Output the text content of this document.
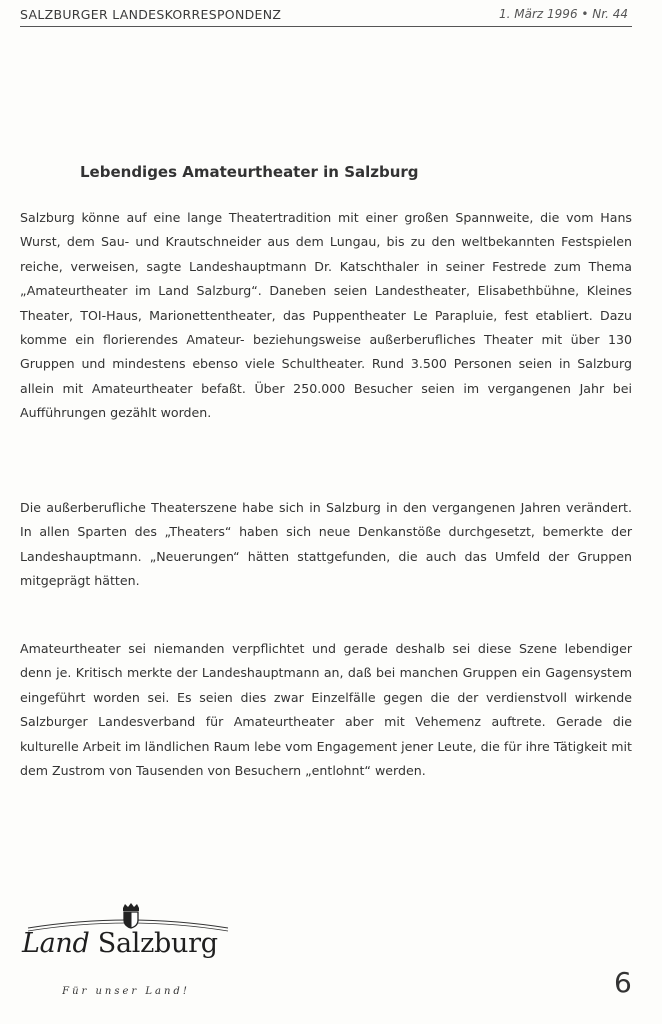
SALZBURGER LANDESKORRESPONDENZ	1. März 1996 • Nr. 44
Lebendiges Amateurtheater in Salzburg

Salzburg könne auf eine lange Theatertradition mit einer großen Spannweite, die vom Hans Wurst, dem Sau- und Krautschneider aus dem Lungau, bis zu den weltbekannten Festspielen reiche, verweisen, sagte Landeshauptmann Dr. Katschthaler in seiner Festrede zum Thema „Amateurtheater im Land Salzburg“. Daneben seien Landestheater, Elisabethbühne, Kleines Theater, TOI-Haus, Marionettentheater, das Puppentheater Le Parapluie, fest etabliert. Dazu komme ein florierendes Amateur- beziehungsweise außerberufliches Theater mit über 130 Gruppen und mindestens ebenso viele Schultheater. Rund 3.500 Personen seien in Salzburg allein mit Amateurtheater befaßt. Über 250.000 Besucher seien im vergangenen Jahr bei Aufführungen gezählt worden.

Die außerberufliche Theaterszene habe sich in Salzburg in den vergangenen Jahren verändert. In allen Sparten des „Theaters“ haben sich neue Denkanstöße durchgesetzt, bemerkte der Landeshauptmann. „Neuerungen“ hätten stattgefunden, die auch das Umfeld der Gruppen mitgeprägt hätten.

Amateurtheater sei niemanden verpflichtet und gerade deshalb sei diese Szene lebendiger denn je. Kritisch merkte der Landeshauptmann an, daß bei manchen Gruppen ein Gagensystem eingeführt worden sei. Es seien dies zwar Einzelfälle gegen die der verdienstvoll wirkende Salzburger Landesverband für Amateurtheater aber mit Vehemenz auftrete. Gerade die kulturelle Arbeit im ländlichen Raum lebe vom Engagement jener Leute, die für ihre Tätigkeit mit dem Zustrom von Tausenden von Besuchern „entlohnt“ werden.

Land Salzburg
Für unser Land!	6
